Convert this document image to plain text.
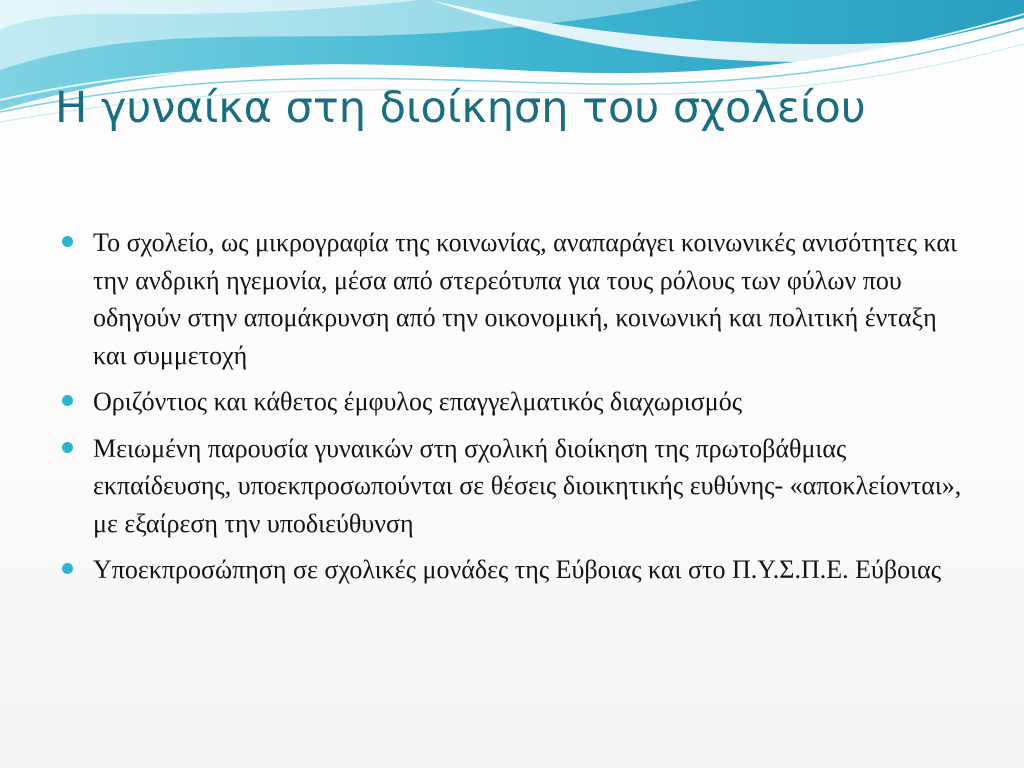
Η γυναίκα στη διοίκηση του σχολείου
Το σχολείο, ως μικρογραφία της κοινωνίας, αναπαράγει κοινωνικές ανισότητες και την ανδρική ηγεμονία, μέσα από στερεότυπα για τους ρόλους των φύλων που οδηγούν στην απομάκρυνση από την οικονομική, κοινωνική και πολιτική ένταξη και συμμετοχή
Οριζόντιος και κάθετος έμφυλος επαγγελματικός διαχωρισμός
Μειωμένη παρουσία γυναικών στη σχολική διοίκηση της πρωτοβάθμιας εκπαίδευσης, υποεκπροσωπούνται σε θέσεις διοικητικής ευθύνης- «αποκλείονται», με εξαίρεση την υποδιεύθυνση
Υποεκπροσώπηση σε σχολικές μονάδες της Εύβοιας και στο Π.Υ.Σ.Π.Ε. Εύβοιας
